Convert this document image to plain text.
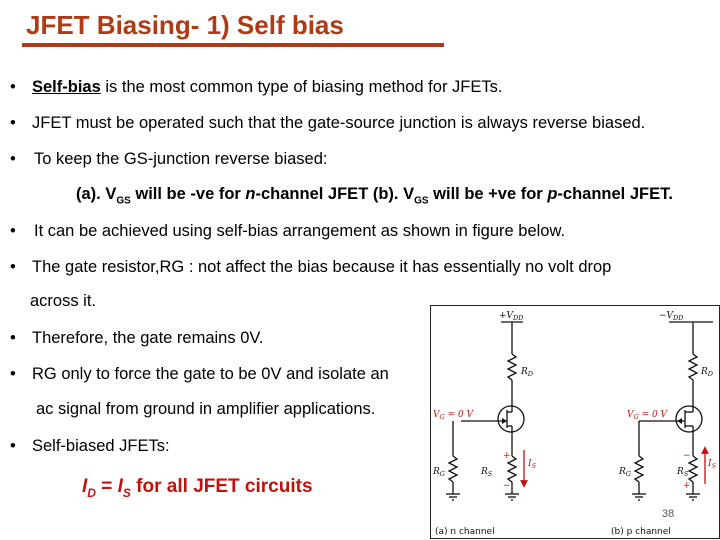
JFET Biasing- 1) Self bias
• Self-bias is the most common type of biasing method for JFETs.
• JFET must be operated such that the gate-source junction is always reverse biased.
• To keep the GS-junction reverse biased:
(a). $V_{GS}$ will be -ve for n-channel JFET (b). $V_{GS}$ will be +ve for p-channel JFET.
• It can be achieved using self-bias arrangement as shown in figure below.
• The gate resistor,RG : not affect the bias because it has essentially no volt drop
across it.
• Therefore, the gate remains 0V.
• RG only to force the gate to be 0V and isolate an
ac signal from ground in amplifier applications.
• Self-biased JFETs:
$I_D = I_S$ for all JFET circuits
$+V_{DD}$
$R_D$
$V_G = 0$ V
$R_G$	$R_S$
+
−
$I_S$
(a) n channel
$-V_{DD}$
$R_D$
$V_G = 0$ V
$R_G$	$R_S$
−
+
$I_S$
(b) p channel
38
